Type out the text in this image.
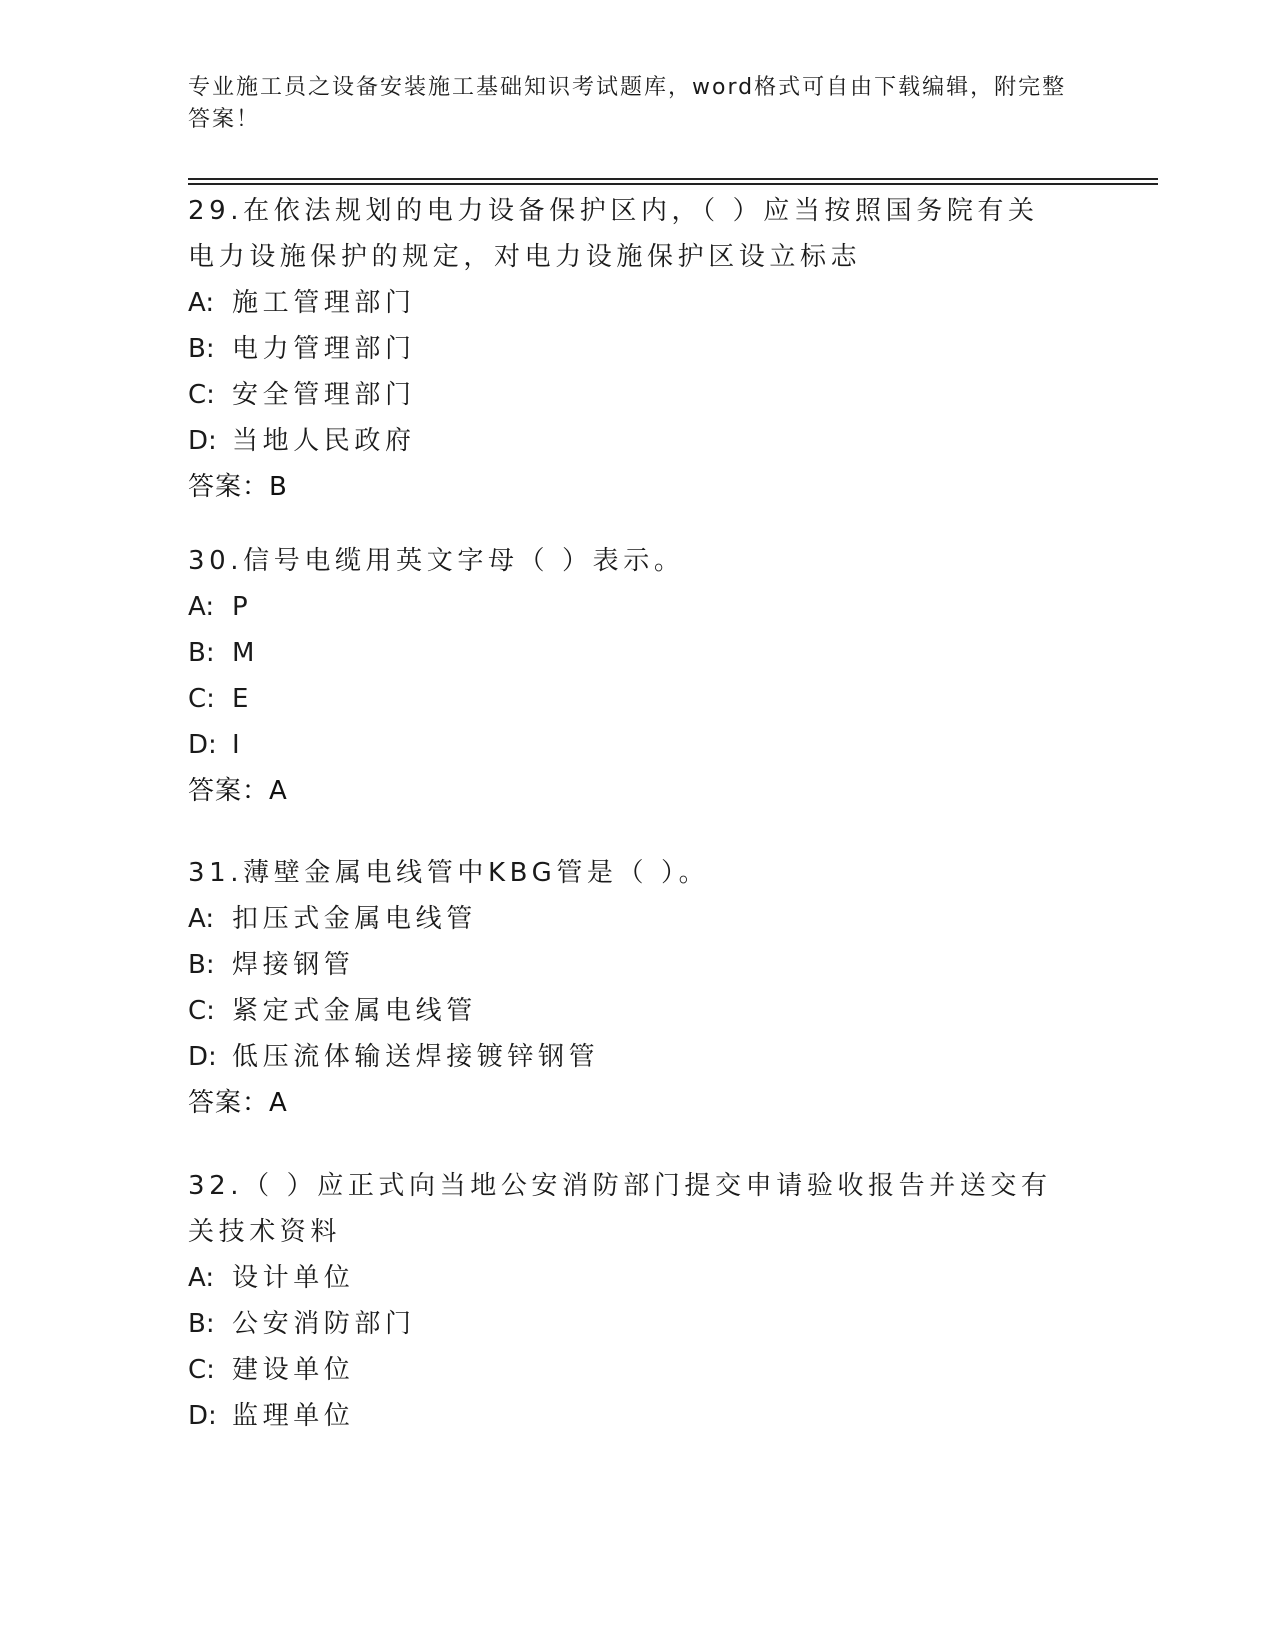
专业施工员之设备安装施工基础知识考试题库，word格式可自由下载编辑，附完整答案！

29.在依法规划的电力设备保护区内，（ ）应当按照国务院有关电力设施保护的规定，对电力设施保护区设立标志

A: 施工管理部门

B: 电力管理部门

C: 安全管理部门

D: 当地人民政府

答案：B

30.信号电缆用英文字母（ ）表示。

A: P

B: M

C: E

D: I

答案：A

31.薄壁金属电线管中KBG管是（ ）。

A: 扣压式金属电线管

B: 焊接钢管

C: 紧定式金属电线管

D: 低压流体输送焊接镀锌钢管

答案：A

32.（ ）应正式向当地公安消防部门提交申请验收报告并送交有关技术资料

A: 设计单位

B: 公安消防部门

C: 建设单位

D: 监理单位
